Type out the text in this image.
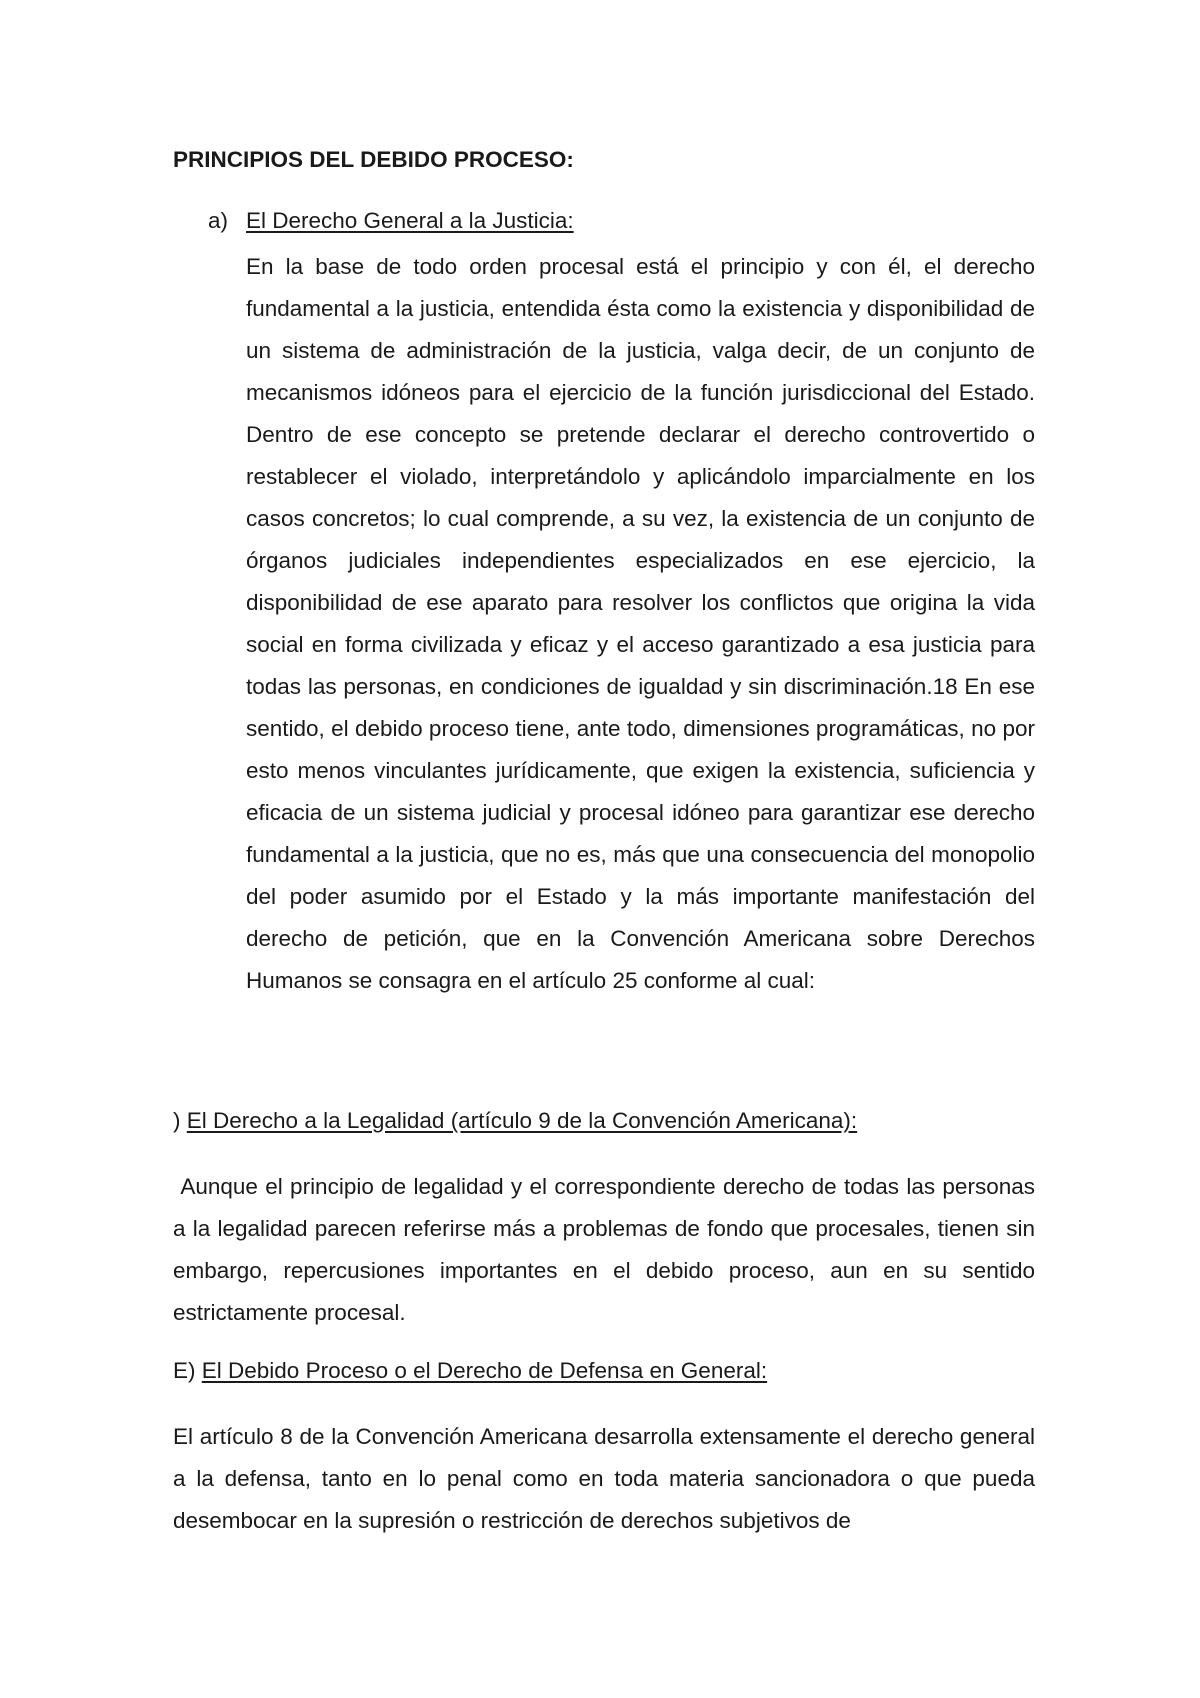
PRINCIPIOS DEL DEBIDO PROCESO:
a) El Derecho General a la Justicia:

En la base de todo orden procesal está el principio y con él, el derecho fundamental a la justicia, entendida ésta como la existencia y disponibilidad de un sistema de administración de la justicia, valga decir, de un conjunto de mecanismos idóneos para el ejercicio de la función jurisdiccional del Estado. Dentro de ese concepto se pretende declarar el derecho controvertido o restablecer el violado, interpretándolo y aplicándolo imparcialmente en los casos concretos; lo cual comprende, a su vez, la existencia de un conjunto de órganos judiciales independientes especializados en ese ejercicio, la disponibilidad de ese aparato para resolver los conflictos que origina la vida social en forma civilizada y eficaz y el acceso garantizado a esa justicia para todas las personas, en condiciones de igualdad y sin discriminación.18 En ese sentido, el debido proceso tiene, ante todo, dimensiones programáticas, no por esto menos vinculantes jurídicamente, que exigen la existencia, suficiencia y eficacia de un sistema judicial y procesal idóneo para garantizar ese derecho fundamental a la justicia, que no es, más que una consecuencia del monopolio del poder asumido por el Estado y la más importante manifestación del derecho de petición, que en la Convención Americana sobre Derechos Humanos se consagra en el artículo 25 conforme al cual:

) El Derecho a la Legalidad (artículo 9 de la Convención Americana):

Aunque el principio de legalidad y el correspondiente derecho de todas las personas a la legalidad parecen referirse más a problemas de fondo que procesales, tienen sin embargo, repercusiones importantes en el debido proceso, aun en su sentido estrictamente procesal.

E) El Debido Proceso o el Derecho de Defensa en General:

El artículo 8 de la Convención Americana desarrolla extensamente el derecho general a la defensa, tanto en lo penal como en toda materia sancionadora o que pueda desembocar en la supresión o restricción de derechos subjetivos de
